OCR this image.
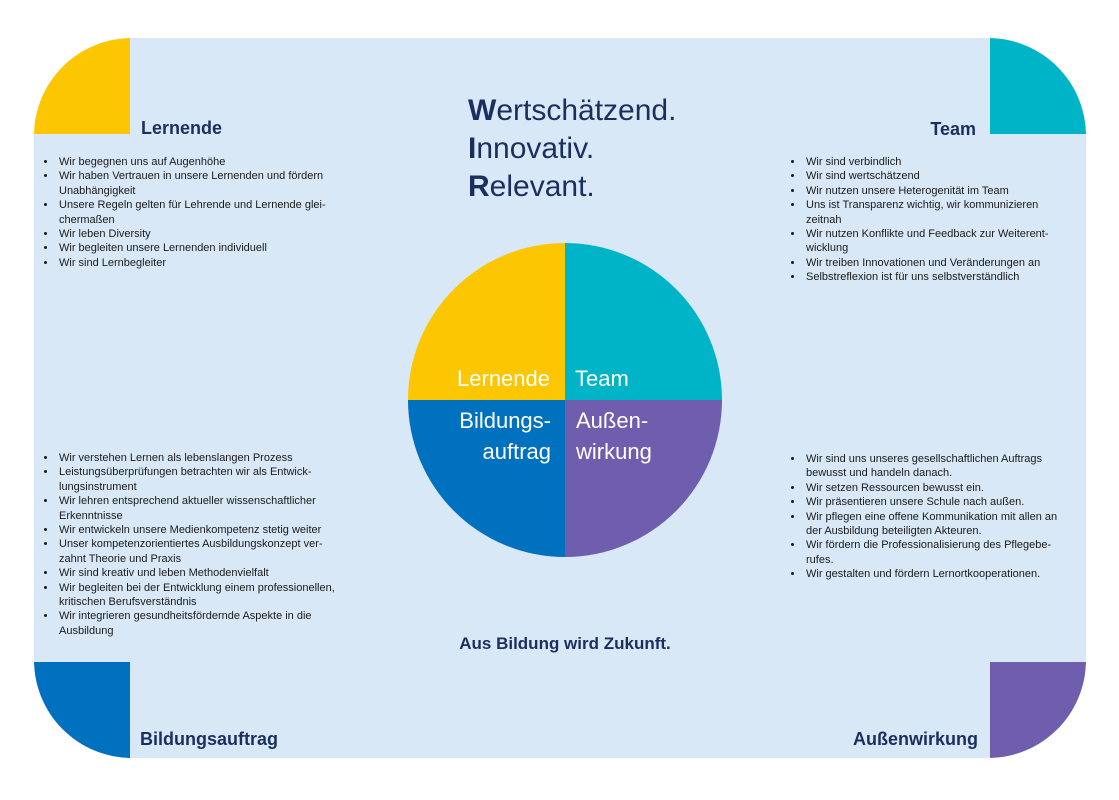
Lernende	Team
Bildungsauftrag	Außenwirkung
• Wir begegnen uns auf Augenhöhe
• Wir haben Vertrauen in unsere Lernenden und fördern
Unabhängigkeit
• Unsere Regeln gelten für Lehrende und Lernende glei-
chermaßen
• Wir leben Diversity
• Wir begleiten unsere Lernenden individuell
• Wir sind Lernbegleiter
• Wir sind verbindlich
• Wir sind wertschätzend
• Wir nutzen unsere Heterogenität im Team
• Uns ist Transparenz wichtig, wir kommunizieren
zeitnah
• Wir nutzen Konflikte und Feedback zur Weiterent-
wicklung
• Wir treiben Innovationen und Veränderungen an
• Selbstreflexion ist für uns selbstverständlich
• Wir verstehen Lernen als lebenslangen Prozess
• Leistungsüberprüfungen betrachten wir als Entwick-
lungsinstrument
• Wir lehren entsprechend aktueller wissenschaftlicher
Erkenntnisse
• Wir entwickeln unsere Medienkompetenz stetig weiter
• Unser kompetenzorientiertes Ausbildungskonzept ver-
zahnt Theorie und Praxis
• Wir sind kreativ und leben Methodenvielfalt
• Wir begleiten bei der Entwicklung einem professionellen,
kritischen Berufsverständnis
• Wir integrieren gesundheitsfördernde Aspekte in die
Ausbildung
• Wir sind uns unseres gesellschaftlichen Auftrags
bewusst und handeln danach.
• Wir setzen Ressourcen bewusst ein.
• Wir präsentieren unsere Schule nach außen.
• Wir pflegen eine offene Kommunikation mit allen an
der Ausbildung beteiligten Akteuren.
• Wir fördern die Professionalisierung des Pflegebe-
rufes.
• Wir gestalten und fördern Lernortkooperationen.
Wertschätzend.
Innovativ.
Relevant.
Lernende Team
Bildungs-
auftrag
Außen-
wirkung

Aus Bildung wird Zukunft.
